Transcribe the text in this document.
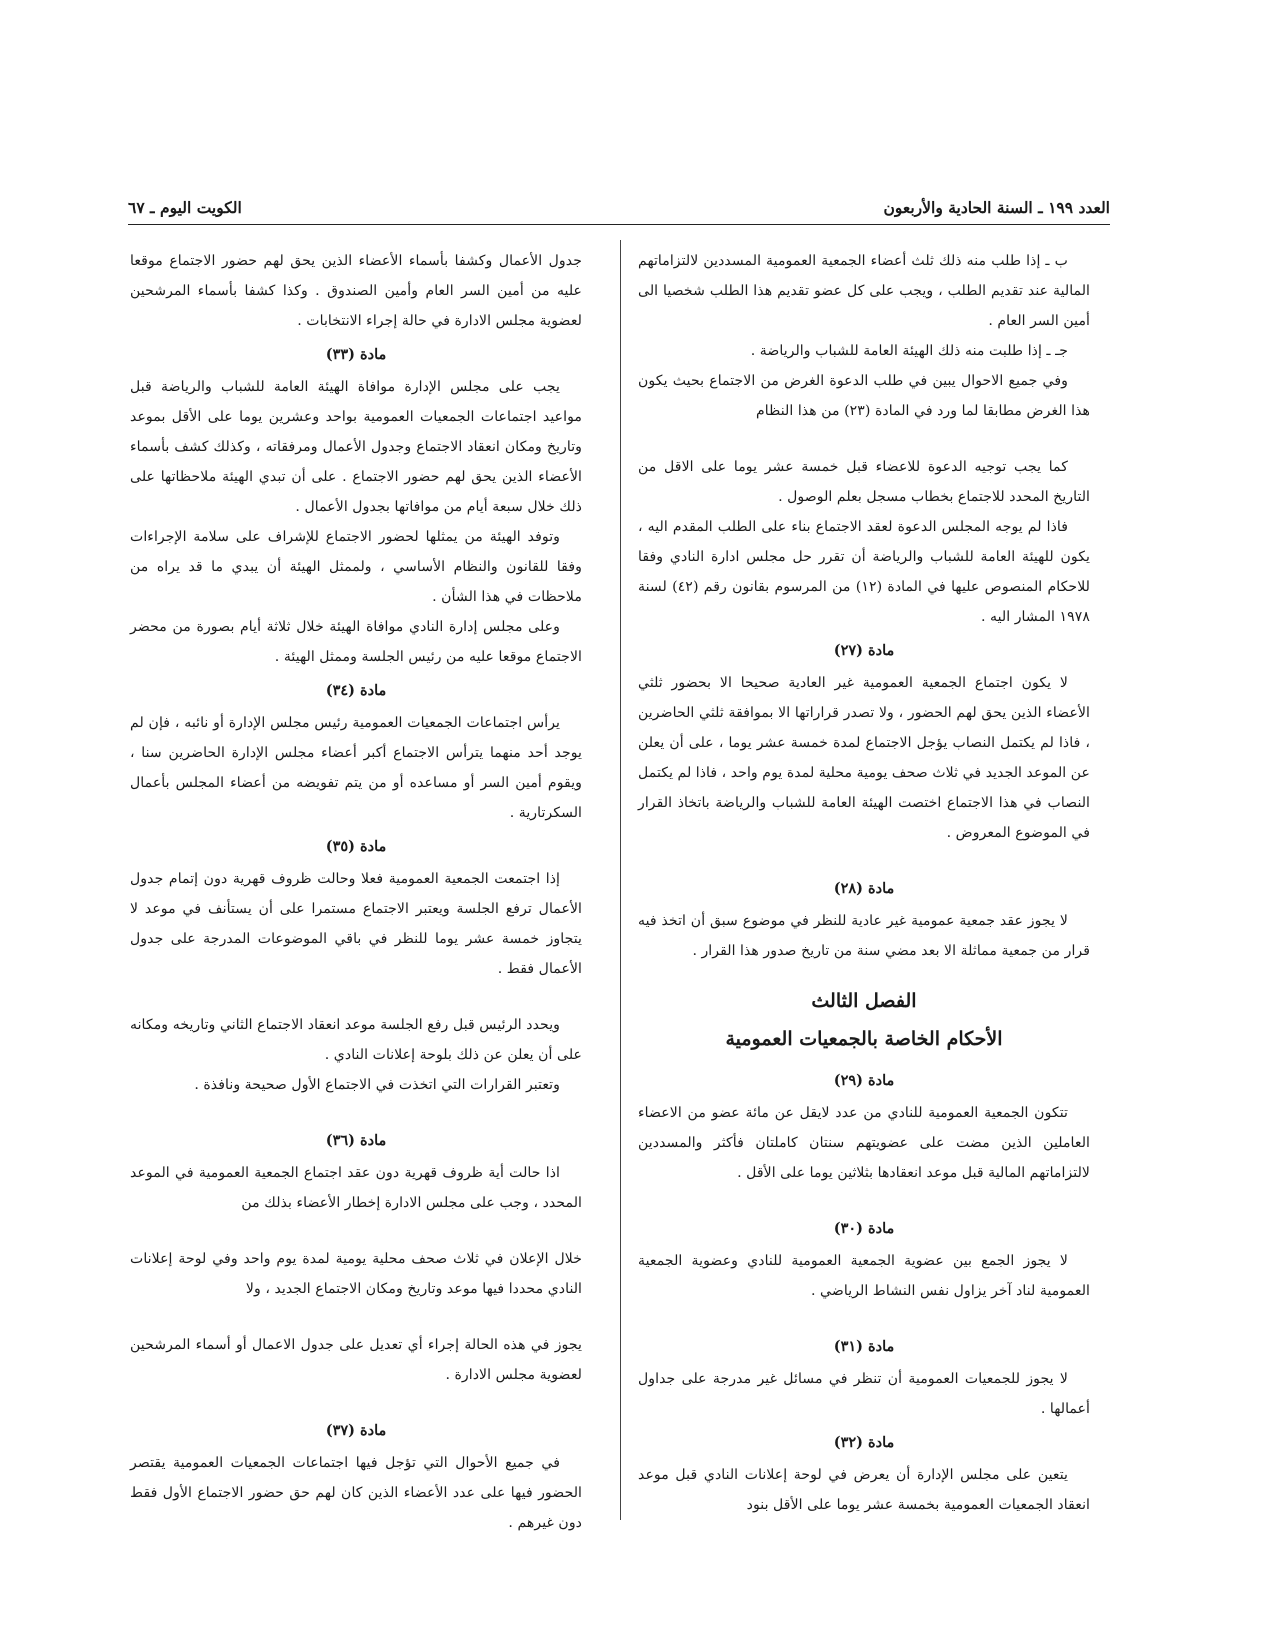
العدد ١٩٩ ـ السنة الحادية والأربعون
الكويت اليوم ـ ٦٧

ب ـ إذا طلب منه ذلك ثلث أعضاء الجمعية العمومية المسددين لالتزاماتهم المالية عند تقديم الطلب ، ويجب على كل عضو تقديم هذا الطلب شخصيا الى أمين السر العام .

جـ ـ إذا طلبت منه ذلك الهيئة العامة للشباب والرياضة .

وفي جميع الاحوال يبين في طلب الدعوة الغرض من الاجتماع بحيث يكون هذا الغرض مطابقا لما ورد في المادة (٢٣) من هذا النظام

كما يجب توجيه الدعوة للاعضاء قبل خمسة عشر يوما على الاقل من التاريخ المحدد للاجتماع بخطاب مسجل بعلم الوصول .

فاذا لم يوجه المجلس الدعوة لعقد الاجتماع بناء على الطلب المقدم اليه ، يكون للهيئة العامة للشباب والرياضة أن تقرر حل مجلس ادارة النادي وفقا للاحكام المنصوص عليها في المادة (١٢) من المرسوم بقانون رقم (٤٢) لسنة ١٩٧٨ المشار اليه .

مادة (٢٧)

لا يكون اجتماع الجمعية العمومية غير العادية صحيحا الا بحضور ثلثي الأعضاء الذين يحق لهم الحضور ، ولا تصدر قراراتها الا بموافقة ثلثي الحاضرين ، فاذا لم يكتمل النصاب يؤجل الاجتماع لمدة خمسة عشر يوما ، على أن يعلن عن الموعد الجديد في ثلاث صحف يومية محلية لمدة يوم واحد ، فاذا لم يكتمل النصاب في هذا الاجتماع اختصت الهيئة العامة للشباب والرياضة باتخاذ القرار في الموضوع المعروض .

مادة (٢٨)

لا يجوز عقد جمعية عمومية غير عادية للنظر في موضوع سبق أن اتخذ فيه قرار من جمعية مماثلة الا بعد مضي سنة من تاريخ صدور هذا القرار .

الفصل الثالث
الأحكام الخاصة بالجمعيات العمومية
مادة (٢٩)

تتكون الجمعية العمومية للنادي من عدد لايقل عن مائة عضو من الاعضاء العاملين الذين مضت على عضويتهم سنتان كاملتان فأكثر والمسددين لالتزاماتهم المالية قبل موعد انعقادها بثلاثين يوما على الأقل .

مادة (٣٠)

لا يجوز الجمع بين عضوية الجمعية العمومية للنادي وعضوية الجمعية العمومية لناد آخر يزاول نفس النشاط الرياضي .

مادة (٣١)

لا يجوز للجمعيات العمومية أن تنظر في مسائل غير مدرجة على جداول أعمالها .

مادة (٣٢)

يتعين على مجلس الإدارة أن يعرض في لوحة إعلانات النادي قبل موعد انعقاد الجمعيات العمومية بخمسة عشر يوما على الأقل بنود

جدول الأعمال وكشفا بأسماء الأعضاء الذين يحق لهم حضور الاجتماع موقعا عليه من أمين السر العام وأمين الصندوق . وكذا كشفا بأسماء المرشحين لعضوية مجلس الادارة في حالة إجراء الانتخابات .

مادة (٣٣)

يجب على مجلس الإدارة موافاة الهيئة العامة للشباب والرياضة قبل مواعيد اجتماعات الجمعيات العمومية بواحد وعشرين يوما على الأقل بموعد وتاريخ ومكان انعقاد الاجتماع وجدول الأعمال ومرفقاته ، وكذلك كشف بأسماء الأعضاء الذين يحق لهم حضور الاجتماع . على أن تبدي الهيئة ملاحظاتها على ذلك خلال سبعة أيام من موافاتها بجدول الأعمال .

وتوفد الهيئة من يمثلها لحضور الاجتماع للإشراف على سلامة الإجراءات وفقا للقانون والنظام الأساسي ، ولممثل الهيئة أن يبدي ما قد يراه من ملاحظات في هذا الشأن .

وعلى مجلس إدارة النادي موافاة الهيئة خلال ثلاثة أيام بصورة من محضر الاجتماع موقعا عليه من رئيس الجلسة وممثل الهيئة .

مادة (٣٤)

يرأس اجتماعات الجمعيات العمومية رئيس مجلس الإدارة أو نائبه ، فإن لم يوجد أحد منهما يترأس الاجتماع أكبر أعضاء مجلس الإدارة الحاضرين سنا ، ويقوم أمين السر أو مساعده أو من يتم تفويضه من أعضاء المجلس بأعمال السكرتارية .

مادة (٣٥)

إذا اجتمعت الجمعية العمومية فعلا وحالت ظروف قهرية دون إتمام جدول الأعمال ترفع الجلسة ويعتبر الاجتماع مستمرا على أن يستأنف في موعد لا يتجاوز خمسة عشر يوما للنظر في باقي الموضوعات المدرجة على جدول الأعمال فقط .

ويحدد الرئيس قبل رفع الجلسة موعد انعقاد الاجتماع الثاني وتاريخه ومكانه على أن يعلن عن ذلك بلوحة إعلانات النادي .

وتعتبر القرارات التي اتخذت في الاجتماع الأول صحيحة ونافذة .

مادة (٣٦)

اذا حالت أية ظروف قهرية دون عقد اجتماع الجمعية العمومية في الموعد المحدد ، وجب على مجلس الادارة إخطار الأعضاء بذلك من

خلال الإعلان في ثلاث صحف محلية يومية لمدة يوم واحد وفي لوحة إعلانات النادي محددا فيها موعد وتاريخ ومكان الاجتماع الجديد ، ولا

يجوز في هذه الحالة إجراء أي تعديل على جدول الاعمال أو أسماء المرشحين لعضوية مجلس الادارة .

مادة (٣٧)

في جميع الأحوال التي تؤجل فيها اجتماعات الجمعيات العمومية يقتصر الحضور فيها على عدد الأعضاء الذين كان لهم حق حضور الاجتماع الأول فقط دون غيرهم .
